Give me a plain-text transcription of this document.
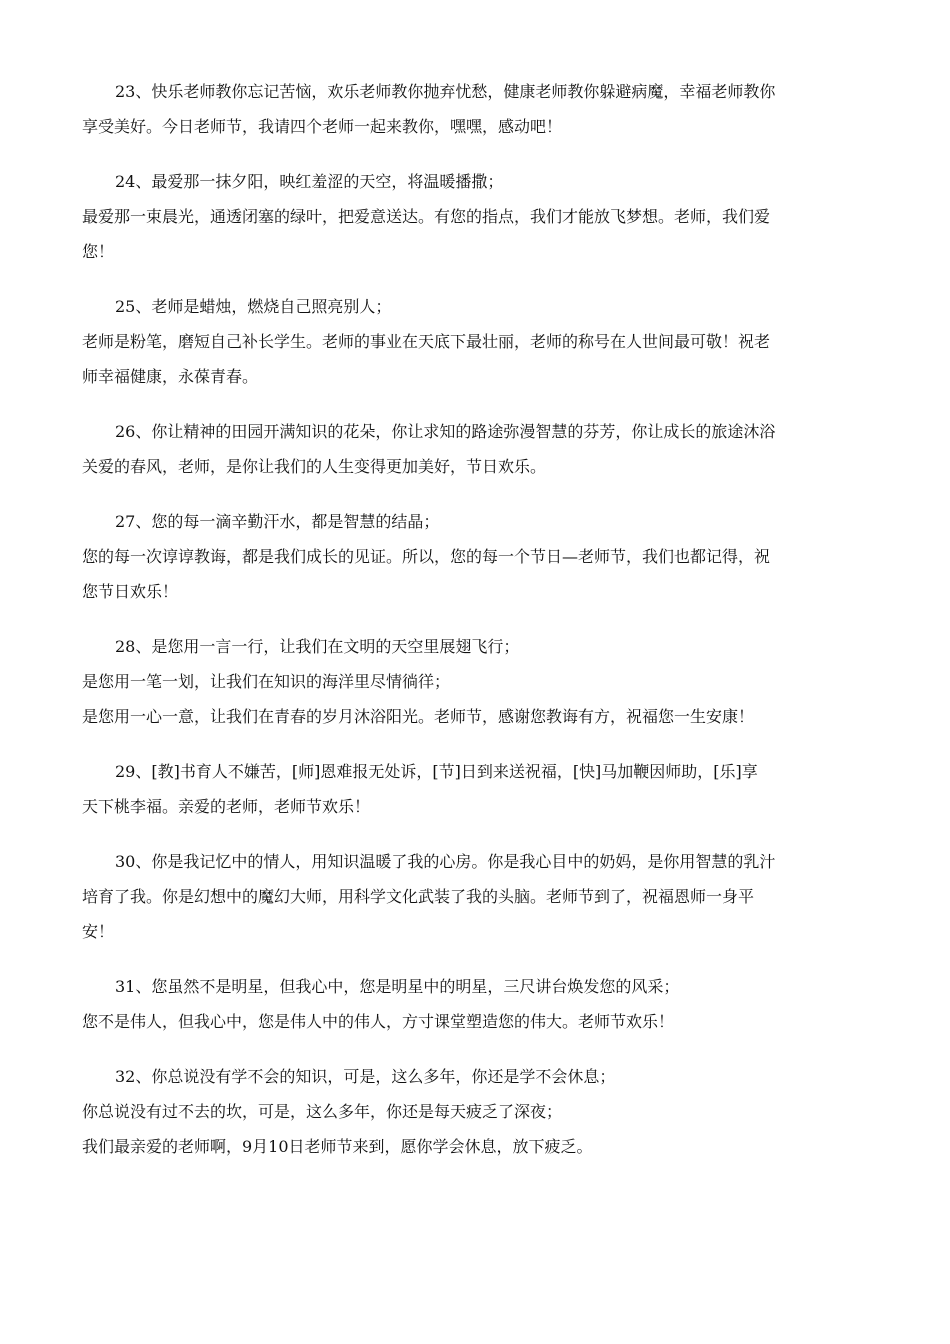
23、快乐老师教你忘记苦恼，欢乐老师教你抛弃忧愁，健康老师教你躲避病魔，幸福老师教你
享受美好。今日老师节，我请四个老师一起来教你，嘿嘿，感动吧！
24、最爱那一抹夕阳，映红羞涩的天空，将温暖播撒；
最爱那一束晨光，通透闭塞的绿叶，把爱意送达。有您的指点，我们才能放飞梦想。老师，我们爱
您！
25、老师是蜡烛，燃烧自己照亮别人；
老师是粉笔，磨短自己补长学生。老师的事业在天底下最壮丽，老师的称号在人世间最可敬！祝老
师幸福健康，永葆青春。
26、你让精神的田园开满知识的花朵，你让求知的路途弥漫智慧的芬芳，你让成长的旅途沐浴
关爱的春风，老师，是你让我们的人生变得更加美好，节日欢乐。
27、您的每一滴辛勤汗水，都是智慧的结晶；
您的每一次谆谆教诲，都是我们成长的见证。所以，您的每一个节日—老师节，我们也都记得，祝
您节日欢乐！
28、是您用一言一行，让我们在文明的天空里展翅飞行；
是您用一笔一划，让我们在知识的海洋里尽情徜徉；
是您用一心一意，让我们在青春的岁月沐浴阳光。老师节，感谢您教诲有方，祝福您一生安康！
29、[教]书育人不嫌苦，[师]恩难报无处诉，[节]日到来送祝福，[快]马加鞭因师助，[乐]享
天下桃李福。亲爱的老师，老师节欢乐！
30、你是我记忆中的情人，用知识温暖了我的心房。你是我心目中的奶妈，是你用智慧的乳汁
培育了我。你是幻想中的魔幻大师，用科学文化武装了我的头脑。老师节到了，祝福恩师一身平
安！
31、您虽然不是明星，但我心中，您是明星中的明星，三尺讲台焕发您的风采；
您不是伟人，但我心中，您是伟人中的伟人，方寸课堂塑造您的伟大。老师节欢乐！
32、你总说没有学不会的知识，可是，这么多年，你还是学不会休息；
你总说没有过不去的坎，可是，这么多年，你还是每天疲乏了深夜；
我们最亲爱的老师啊，9月10日老师节来到，愿你学会休息，放下疲乏。
